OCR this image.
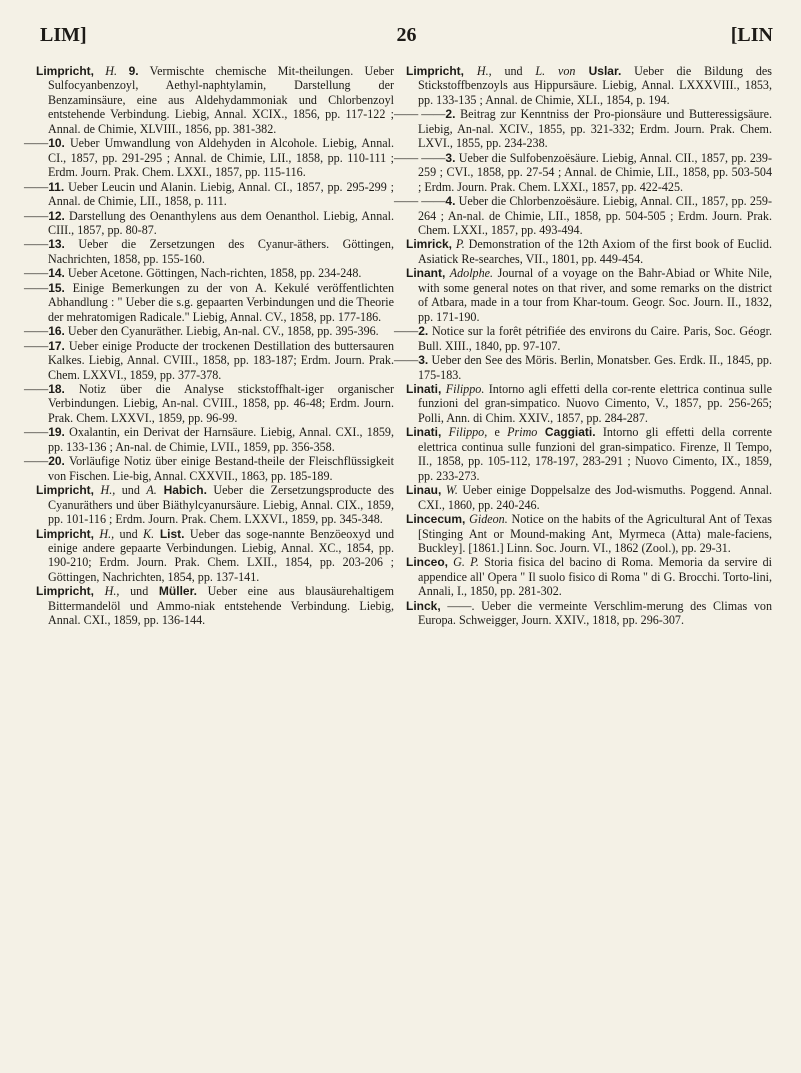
LIM]	26	[LIN

Limpricht, H. 9. Vermischte chemische Mit-theilungen. Ueber Sulfocyanbenzoyl, Aethyl-naphtylamin, Darstellung der Benzaminsäure, eine aus Aldehydammoniak und Chlorbenzoyl entstehende Verbindung. Liebig, Annal. XCIX., 1856, pp. 117-122 ; Annal. de Chimie, XLVIII., 1856, pp. 381-382.

——10. Ueber Umwandlung von Aldehyden in Alcohole. Liebig, Annal. CI., 1857, pp. 291-295 ; Annal. de Chimie, LII., 1858, pp. 110-111 ; Erdm. Journ. Prak. Chem. LXXI., 1857, pp. 115-116.

——11. Ueber Leucin und Alanin. Liebig, Annal. CI., 1857, pp. 295-299 ; Annal. de Chimie, LII., 1858, p. 111.

——12. Darstellung des Oenanthylens aus dem Oenanthol. Liebig, Annal. CIII., 1857, pp. 80-87.

——13. Ueber die Zersetzungen des Cyanur-äthers. Göttingen, Nachrichten, 1858, pp. 155-160.

——14. Ueber Acetone. Göttingen, Nach-richten, 1858, pp. 234-248.

——15. Einige Bemerkungen zu der von A. Kekulé veröffentlichten Abhandlung : " Ueber die s.g. gepaarten Verbindungen und die Theorie der mehratomigen Radicale." Liebig, Annal. CV., 1858, pp. 177-186.

——16. Ueber den Cyanuräther. Liebig, An-nal. CV., 1858, pp. 395-396.

——17. Ueber einige Producte der trockenen Destillation des buttersauren Kalkes. Liebig, Annal. CVIII., 1858, pp. 183-187; Erdm. Journ. Prak. Chem. LXXVI., 1859, pp. 377-378.

——18. Notiz über die Analyse stickstoffhalt-iger organischer Verbindungen. Liebig, An-nal. CVIII., 1858, pp. 46-48; Erdm. Journ. Prak. Chem. LXXVI., 1859, pp. 96-99.

——19. Oxalantin, ein Derivat der Harnsäure. Liebig, Annal. CXI., 1859, pp. 133-136 ; An-nal. de Chimie, LVII., 1859, pp. 356-358.

——20. Vorläufige Notiz über einige Bestand-theile der Fleischflüssigkeit von Fischen. Lie-big, Annal. CXXVII., 1863, pp. 185-189.

Limpricht, H., und A. Habich. Ueber die Zersetzungsproducte des Cyanuräthers und über Biäthylcyanursäure. Liebig, Annal. CIX., 1859, pp. 101-116 ; Erdm. Journ. Prak. Chem. LXXVI., 1859, pp. 345-348.

Limpricht, H., und K. List. Ueber das soge-nannte Benzöeoxyd und einige andere gepaarte Verbindungen. Liebig, Annal. XC., 1854, pp. 190-210; Erdm. Journ. Prak. Chem. LXII., 1854, pp. 203-206 ; Göttingen, Nachrichten, 1854, pp. 137-141.

Limpricht, H., und Müller. Ueber eine aus blausäurehaltigem Bittermandelöl und Ammo-niak entstehende Verbindung. Liebig, Annal. CXI., 1859, pp. 136-144.

Limpricht, H., und L. von Uslar. Ueber die Bildung des Stickstoffbenzoyls aus Hippursäure. Liebig, Annal. LXXXVIII., 1853, pp. 133-135 ; Annal. de Chimie, XLI., 1854, p. 194.

—— ——2. Beitrag zur Kenntniss der Pro-pionsäure und Butteressigsäure. Liebig, An-nal. XCIV., 1855, pp. 321-332; Erdm. Journ. Prak. Chem. LXVI., 1855, pp. 234-238.

—— ——3. Ueber die Sulfobenzoësäure. Liebig, Annal. CII., 1857, pp. 239-259 ; CVI., 1858, pp. 27-54 ; Annal. de Chimie, LII., 1858, pp. 503-504 ; Erdm. Journ. Prak. Chem. LXXI., 1857, pp. 422-425.

—— ——4. Ueber die Chlorbenzoësäure. Liebig, Annal. CII., 1857, pp. 259-264 ; An-nal. de Chimie, LII., 1858, pp. 504-505 ; Erdm. Journ. Prak. Chem. LXXI., 1857, pp. 493-494.

Limrick, P. Demonstration of the 12th Axiom of the first book of Euclid. Asiatick Re-searches, VII., 1801, pp. 449-454.

Linant, Adolphe. Journal of a voyage on the Bahr-Abiad or White Nile, with some general notes on that river, and some remarks on the district of Atbara, made in a tour from Khar-toum. Geogr. Soc. Journ. II., 1832, pp. 171-190.

——2. Notice sur la forêt pétrifiée des environs du Caire. Paris, Soc. Géogr. Bull. XIII., 1840, pp. 97-107.

——3. Ueber den See des Möris. Berlin, Monatsber. Ges. Erdk. II., 1845, pp. 175-183.

Linati, Filippo. Intorno agli effetti della cor-rente elettrica continua sulle funzioni del gran-simpatico. Nuovo Cimento, V., 1857, pp. 256-265; Polli, Ann. di Chim. XXIV., 1857, pp. 284-287.

Linati, Filippo, e Primo Caggiati. Intorno gli effetti della corrente elettrica continua sulle funzioni del gran-simpatico. Firenze, Il Tempo, II., 1858, pp. 105-112, 178-197, 283-291 ; Nuovo Cimento, IX., 1859, pp. 233-273.

Linau, W. Ueber einige Doppelsalze des Jod-wismuths. Poggend. Annal. CXI., 1860, pp. 240-246.

Lincecum, Gideon. Notice on the habits of the Agricultural Ant of Texas [Stinging Ant or Mound-making Ant, Myrmeca (Atta) male-faciens, Buckley]. [1861.] Linn. Soc. Journ. VI., 1862 (Zool.), pp. 29-31.

Linceo, G. P. Storia fisica del bacino di Roma. Memoria da servire di appendice all' Opera " Il suolo fisico di Roma " di G. Brocchi. Torto-lini, Annali, I., 1850, pp. 281-302.

Linck, ——. Ueber die vermeinte Verschlim-merung des Climas von Europa. Schweigger, Journ. XXIV., 1818, pp. 296-307.
